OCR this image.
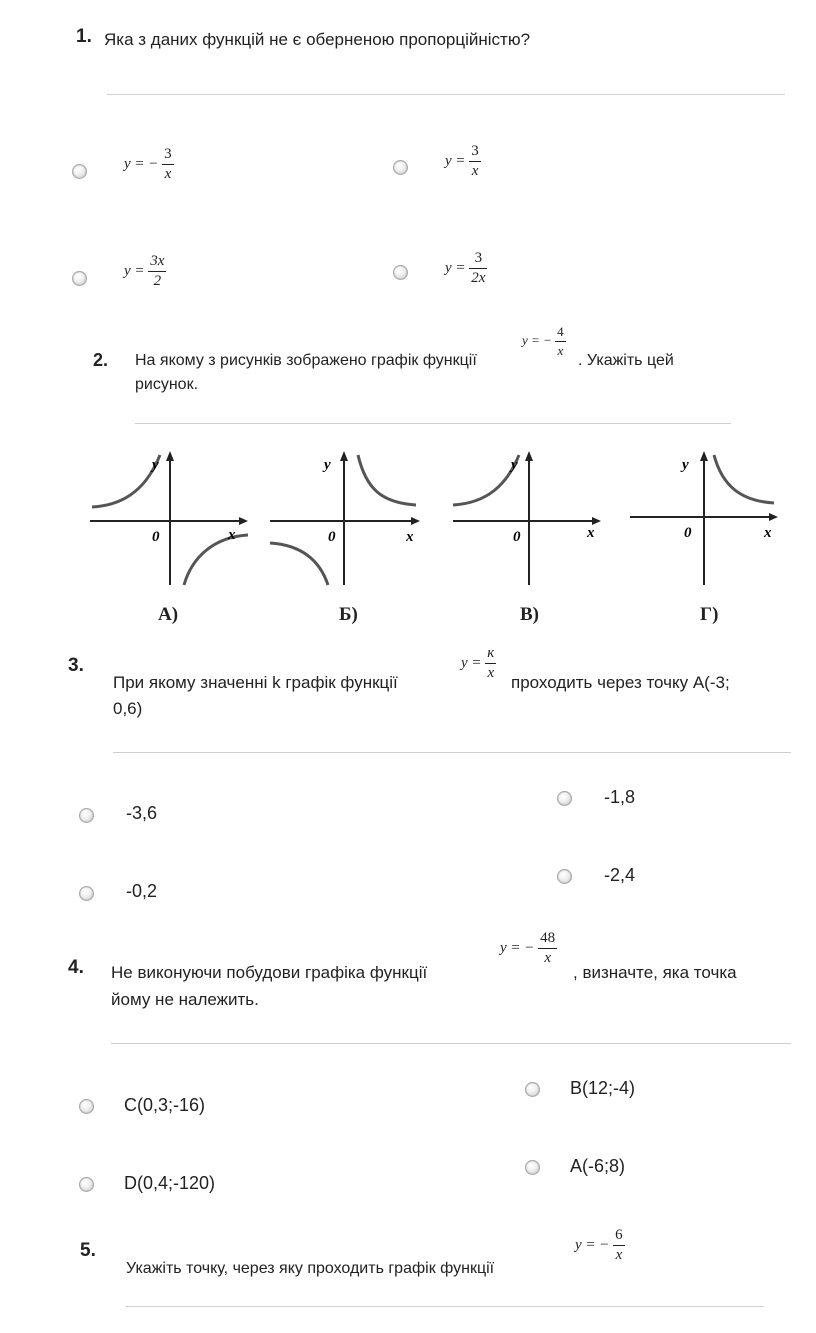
1. Яка з даних функцій не є оберненою пропорційністю?
y = − $\frac{3}{x}$	$y = \frac{3}{x}$
$y = \frac{3x}{2}$	$y = \frac{3}{2x}$
2. На якому з рисунків зображено графік функції
y = − $\frac{4}{x}$
. Укажіть цей
рисунок.
y
x
0
А)
y
x
0
Б)
y
x
0
В)
y
x
0
Г)
3.
При якому значенні k графік функції
$y = \frac{к}{x}$
проходить через точку А(-3;
0,6)
-3,6
-1,8
-0,2
-2,4
4. Не виконуючи побудови графіка функції
y = − $\frac{48}{x}$
, визначте, яка точка
йому не належить.
C(0,3;-16)
B(12;-4)
D(0,4;-120)
A(-6;8)
5.
Укажіть точку, через яку проходить графік функції
y = − $\frac{6}{x}$
